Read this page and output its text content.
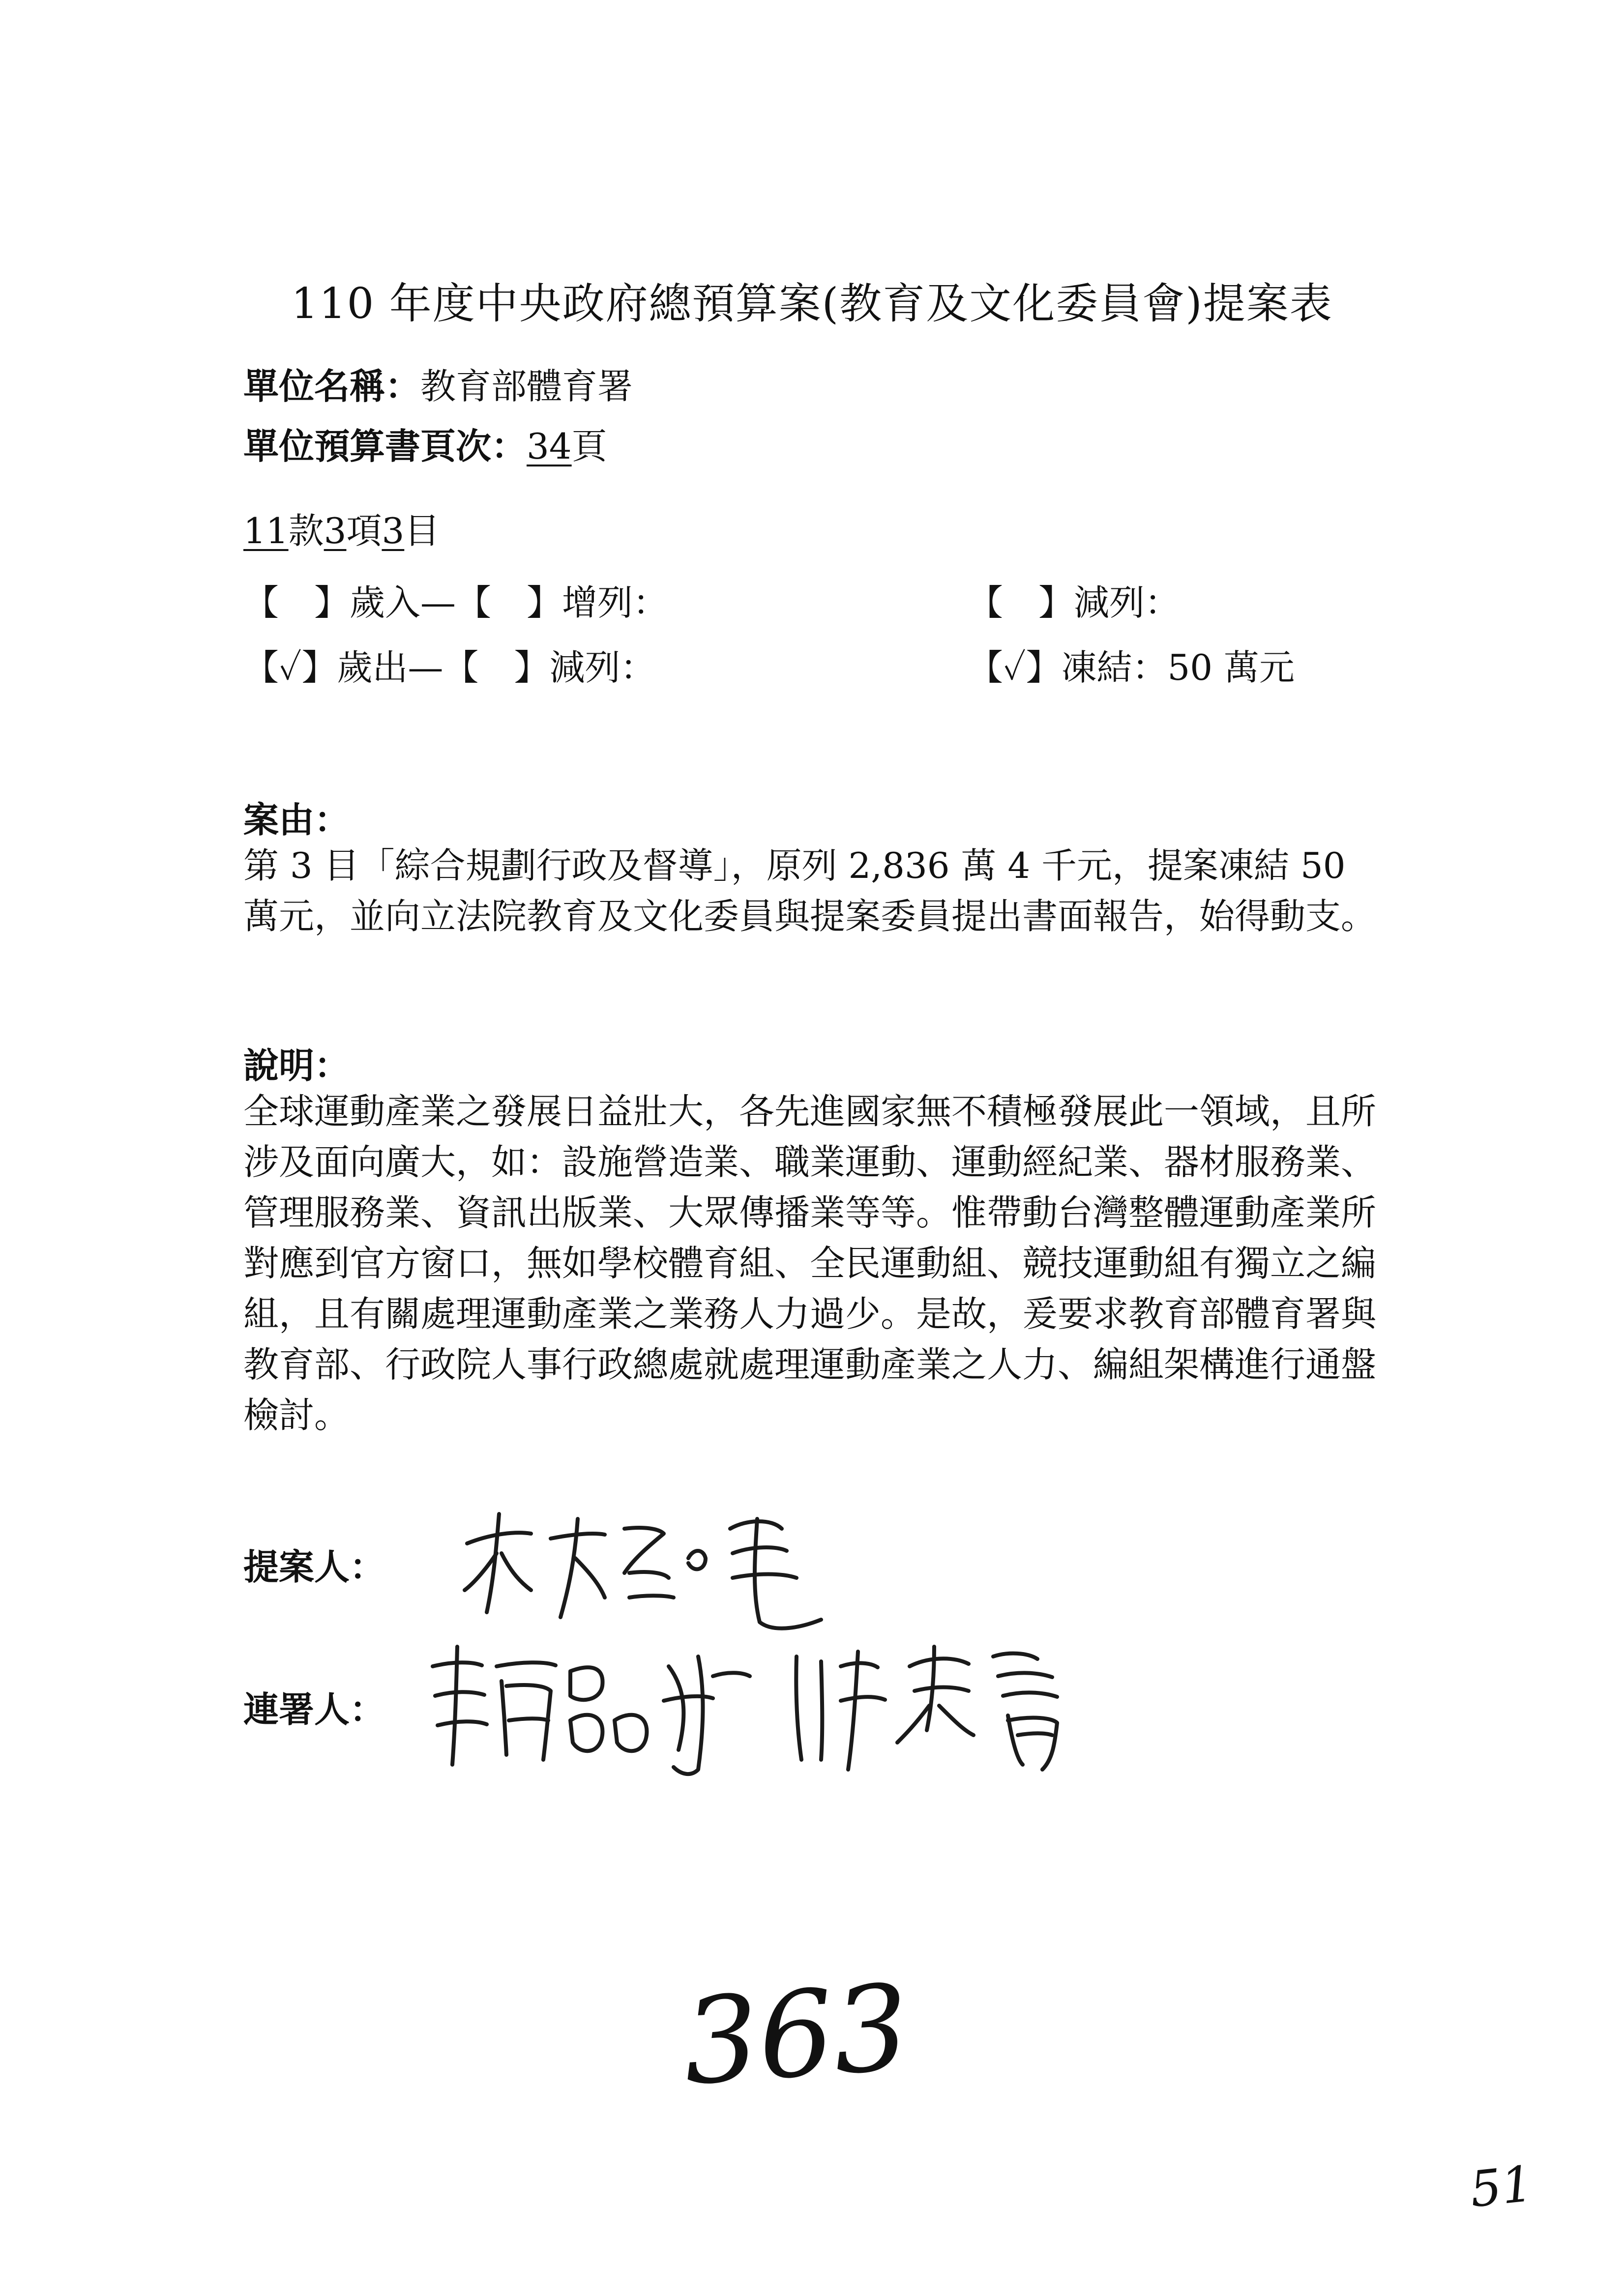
110 年度中央政府總預算案(教育及文化委員會)提案表
單位名稱：教育部體育署
單位預算書頁次：34頁
11款3項3目
【　】歲入—【　】增列：	【　】減列：
【✓】歲出—【　】減列：	【✓】凍結：50 萬元
案由：

第 3 目「綜合規劃行政及督導」，原列 2,836 萬 4 千元，提案凍結 50 萬元，並向立法院教育及文化委員與提案委員提出書面報告，始得動支。

說明：

全球運動產業之發展日益壯大，各先進國家無不積極發展此一領域，且所涉及面向廣大，如：設施營造業、職業運動、運動經紀業、器材服務業、管理服務業、資訊出版業、大眾傳播業等等。惟帶動台灣整體運動產業所對應到官方窗口，無如學校體育組、全民運動組、競技運動組有獨立之編組，且有關處理運動產業之業務人力過少。是故，爰要求教育部體育署與教育部、行政院人事行政總處就處理運動產業之人力、編組架構進行通盤檢討。

提案人：
連署人：
363
51
